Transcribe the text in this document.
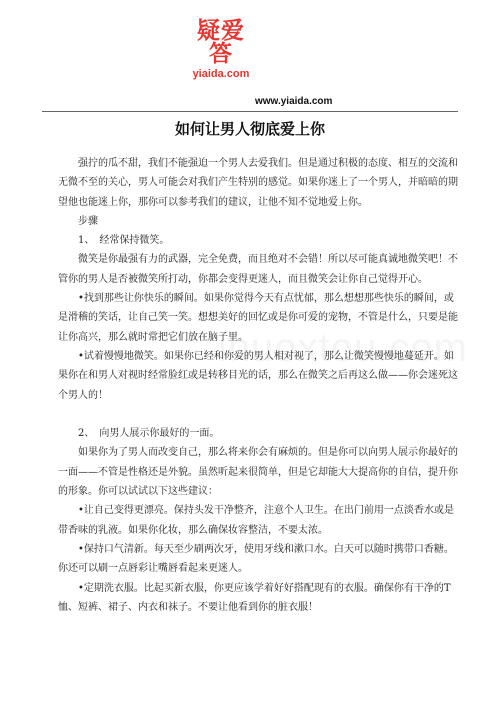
疑爱答
yiaida.com
www.yiaida.com
如何让男人彻底爱上你

强拧的瓜不甜，我们不能强迫一个男人去爱我们。但是通过积极的态度、相互的交流和无微不至的关心，男人可能会对我们产生特别的感觉。如果你迷上了一个男人，并暗暗的期望他也能迷上你，那你可以参考我们的建议，让他不知不觉地爱上你。

步骤

1、　经常保持微笑。

微笑是你最强有力的武器，完全免费，而且绝对不会错！所以尽可能真诚地微笑吧！不管你的男人是否被微笑所打动，你都会变得更迷人，而且微笑会让你自己觉得开心。

•找到那些让你快乐的瞬间。如果你觉得今天有点忧郁，那么想想那些快乐的瞬间，或是滑稽的笑话，让自己笑一笑。想想美好的回忆或是你可爱的宠物，不管是什么，只要是能让你高兴，那么就时常把它们放在脑子里。

•试着慢慢地微笑。如果你已经和你爱的男人相对视了，那么让微笑慢慢地蔓延开。如果你在和男人对视时经常脸红或是转移目光的话，那么在微笑之后再这么做——你会迷死这个男人的！

2、　向男人展示你最好的一面。

如果你为了男人而改变自己，那么将来你会有麻烦的。但是你可以向男人展示你最好的一面——不管是性格还是外貌。虽然听起来很简单，但是它却能大大提高你的自信，提升你的形象。你可以试试以下这些建议：

•让自己变得更漂亮。保持头发干净整齐，注意个人卫生。在出门前用一点淡香水或是带香味的乳液。如果你化妆，那么确保妆容整洁，不要太浓。

•保持口气清新。每天至少刷两次牙，使用牙线和漱口水。白天可以随时携带口香糖。你还可以刷一点唇彩让嘴唇看起来更迷人。

•定期洗衣服。比起买新衣服，你更应该学着好好搭配现有的衣服。确保你有干净的T恤、短裤、裙子、内衣和袜子。不要让他看到你的脏衣服！
